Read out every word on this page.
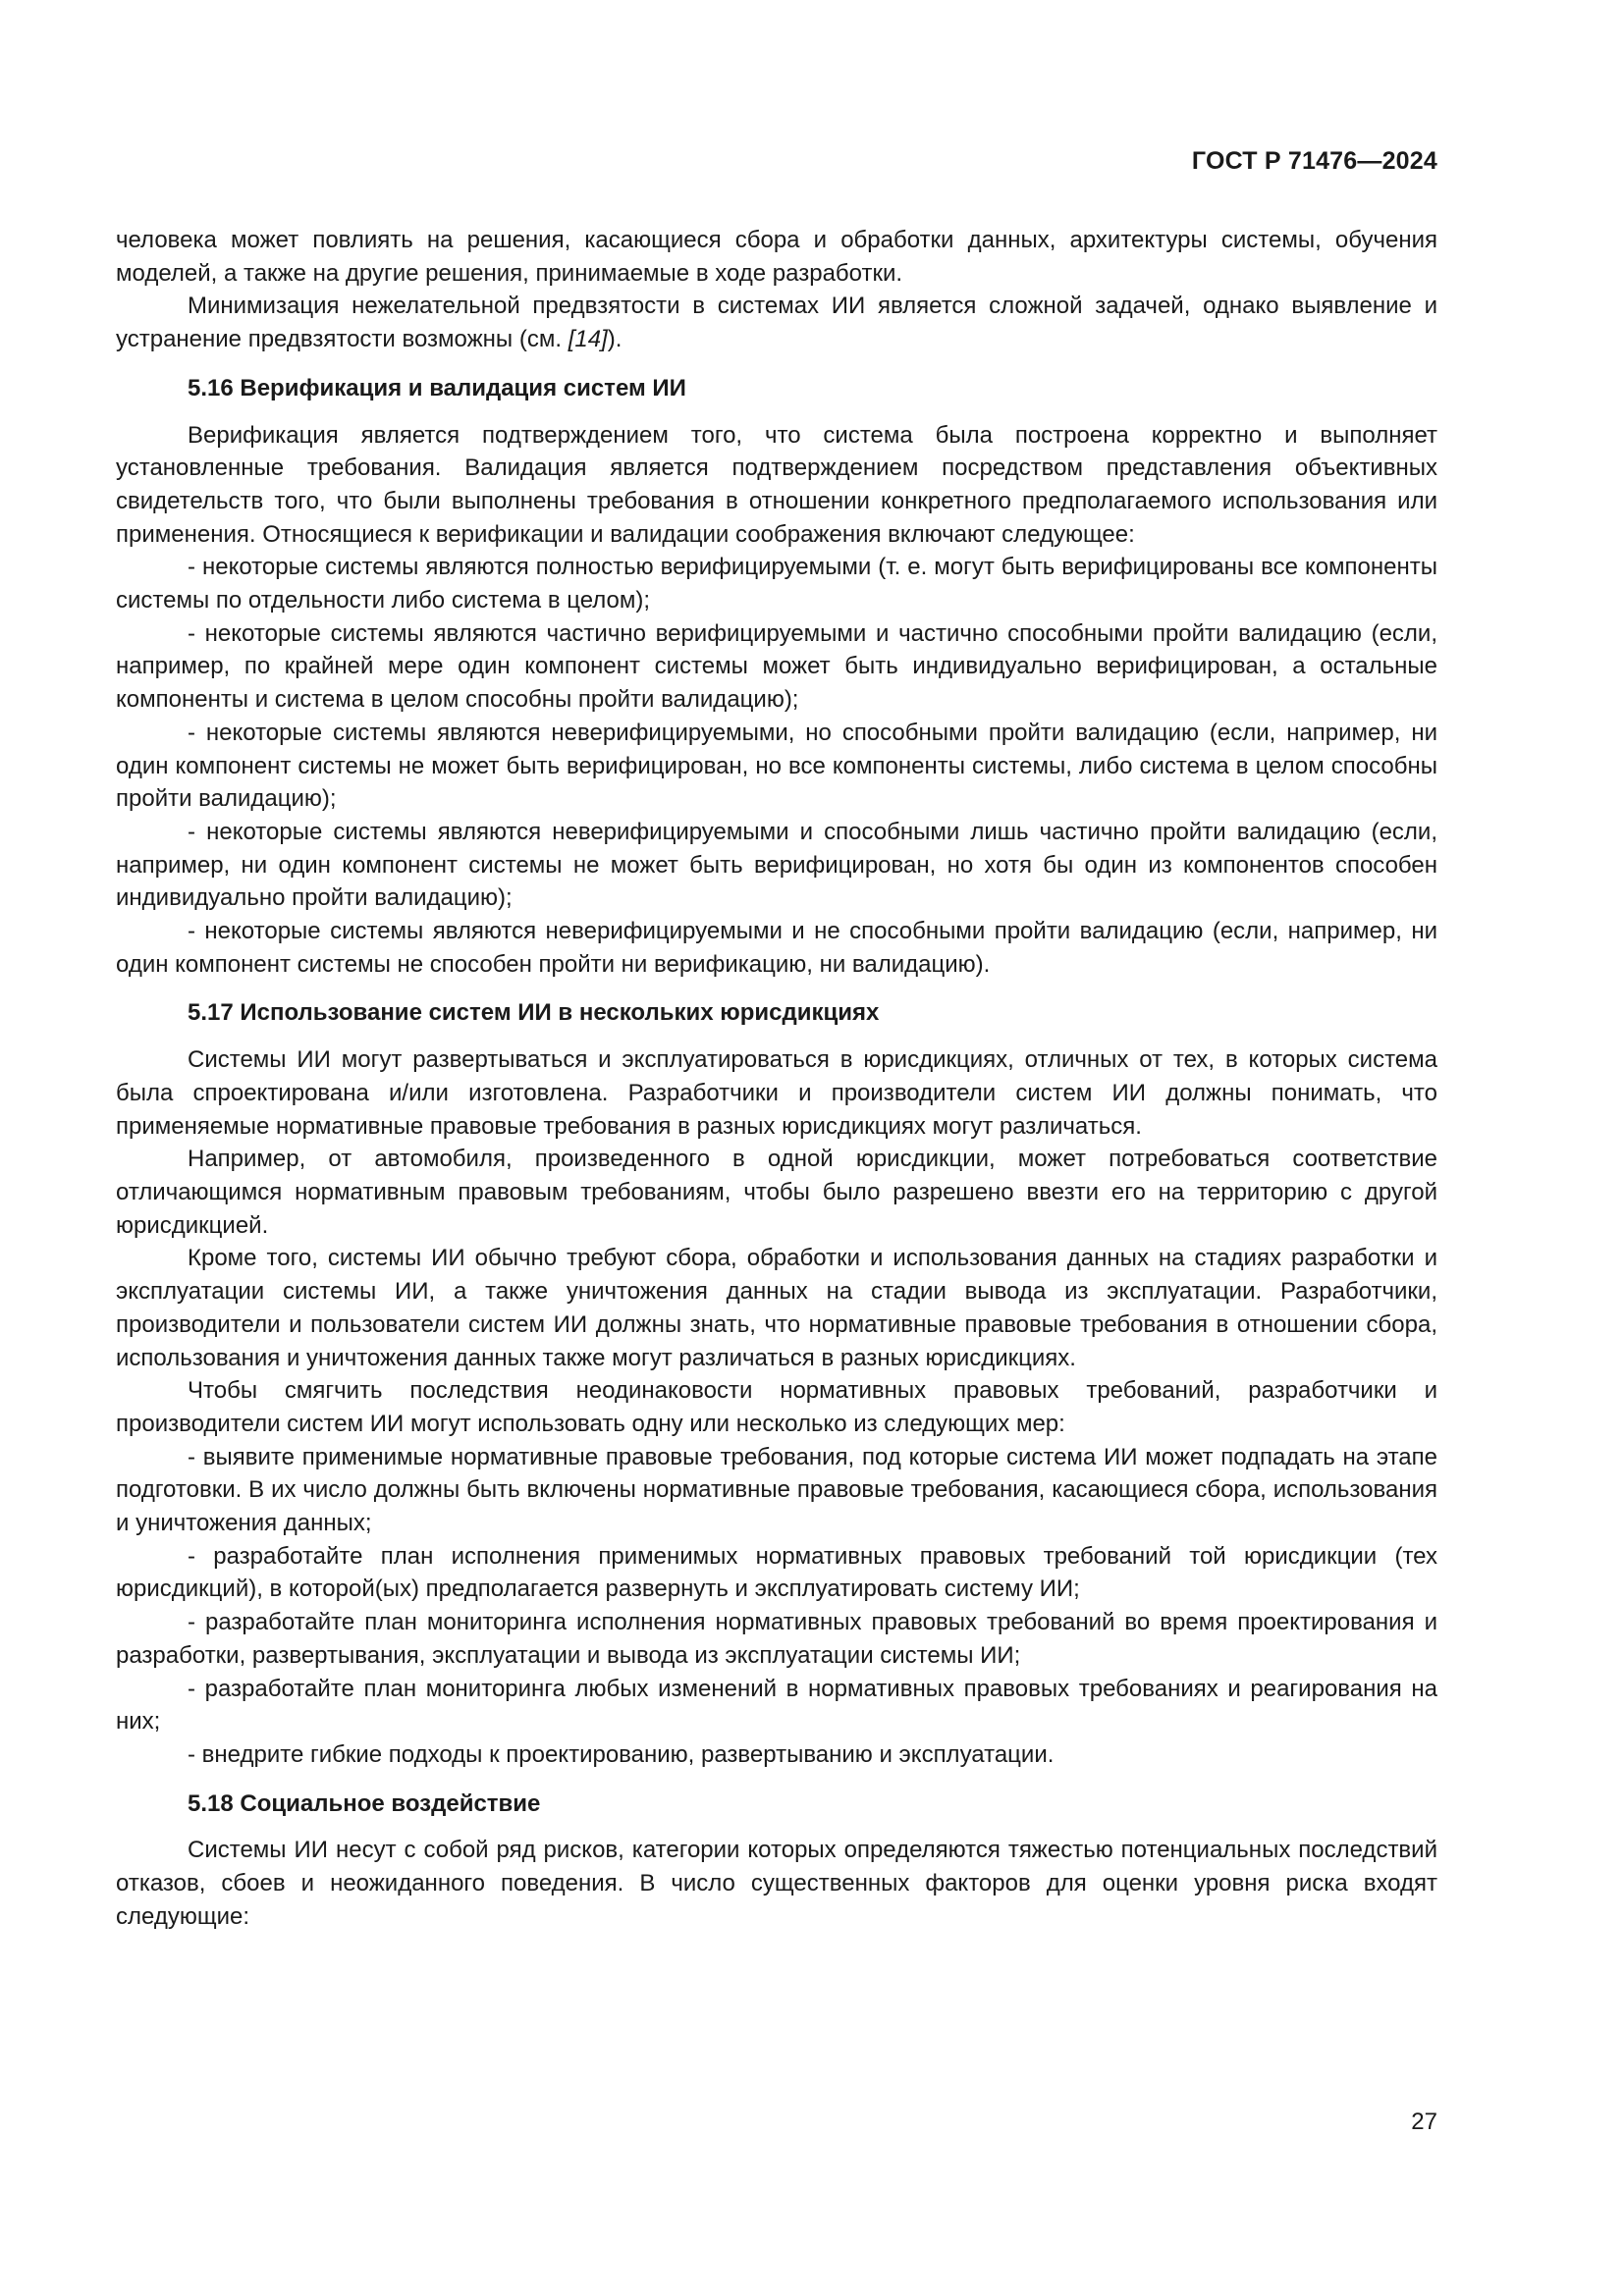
ГОСТ Р 71476—2024

человека может повлиять на решения, касающиеся сбора и обработки данных, архитектуры системы, обучения моделей, а также на другие решения, принимаемые в ходе разработки.

Минимизация нежелательной предвзятости в системах ИИ является сложной задачей, однако выявление и устранение предвзятости возможны (см. [14]).

5.16 Верификация и валидация систем ИИ

Верификация является подтверждением того, что система была построена корректно и выполняет установленные требования. Валидация является подтверждением посредством представления объективных свидетельств того, что были выполнены требования в отношении конкретного предполагаемого использования или применения. Относящиеся к верификации и валидации соображения включают следующее:

- некоторые системы являются полностью верифицируемыми (т. е. могут быть верифицированы все компоненты системы по отдельности либо система в целом);

- некоторые системы являются частично верифицируемыми и частично способными пройти валидацию (если, например, по крайней мере один компонент системы может быть индивидуально верифицирован, а остальные компоненты и система в целом способны пройти валидацию);

- некоторые системы являются неверифицируемыми, но способными пройти валидацию (если, например, ни один компонент системы не может быть верифицирован, но все компоненты системы, либо система в целом способны пройти валидацию);

- некоторые системы являются неверифицируемыми и способными лишь частично пройти валидацию (если, например, ни один компонент системы не может быть верифицирован, но хотя бы один из компонентов способен индивидуально пройти валидацию);

- некоторые системы являются неверифицируемыми и не способными пройти валидацию (если, например, ни один компонент системы не способен пройти ни верификацию, ни валидацию).

5.17 Использование систем ИИ в нескольких юрисдикциях

Системы ИИ могут развертываться и эксплуатироваться в юрисдикциях, отличных от тех, в которых система была спроектирована и/или изготовлена. Разработчики и производители систем ИИ должны понимать, что применяемые нормативные правовые требования в разных юрисдикциях могут различаться.

Например, от автомобиля, произведенного в одной юрисдикции, может потребоваться соответствие отличающимся нормативным правовым требованиям, чтобы было разрешено ввезти его на территорию с другой юрисдикцией.

Кроме того, системы ИИ обычно требуют сбора, обработки и использования данных на стадиях разработки и эксплуатации системы ИИ, а также уничтожения данных на стадии вывода из эксплуатации. Разработчики, производители и пользователи систем ИИ должны знать, что нормативные правовые требования в отношении сбора, использования и уничтожения данных также могут различаться в разных юрисдикциях.

Чтобы смягчить последствия неодинаковости нормативных правовых требований, разработчики и производители систем ИИ могут использовать одну или несколько из следующих мер:

- выявите применимые нормативные правовые требования, под которые система ИИ может подпадать на этапе подготовки. В их число должны быть включены нормативные правовые требования, касающиеся сбора, использования и уничтожения данных;

- разработайте план исполнения применимых нормативных правовых требований той юрисдикции (тех юрисдикций), в которой(ых) предполагается развернуть и эксплуатировать систему ИИ;

- разработайте план мониторинга исполнения нормативных правовых требований во время проектирования и разработки, развертывания, эксплуатации и вывода из эксплуатации системы ИИ;

- разработайте план мониторинга любых изменений в нормативных правовых требованиях и реагирования на них;

- внедрите гибкие подходы к проектированию, развертыванию и эксплуатации.

5.18 Социальное воздействие

Системы ИИ несут с собой ряд рисков, категории которых определяются тяжестью потенциальных последствий отказов, сбоев и неожиданного поведения. В число существенных факторов для оценки уровня риска входят следующие:

27
